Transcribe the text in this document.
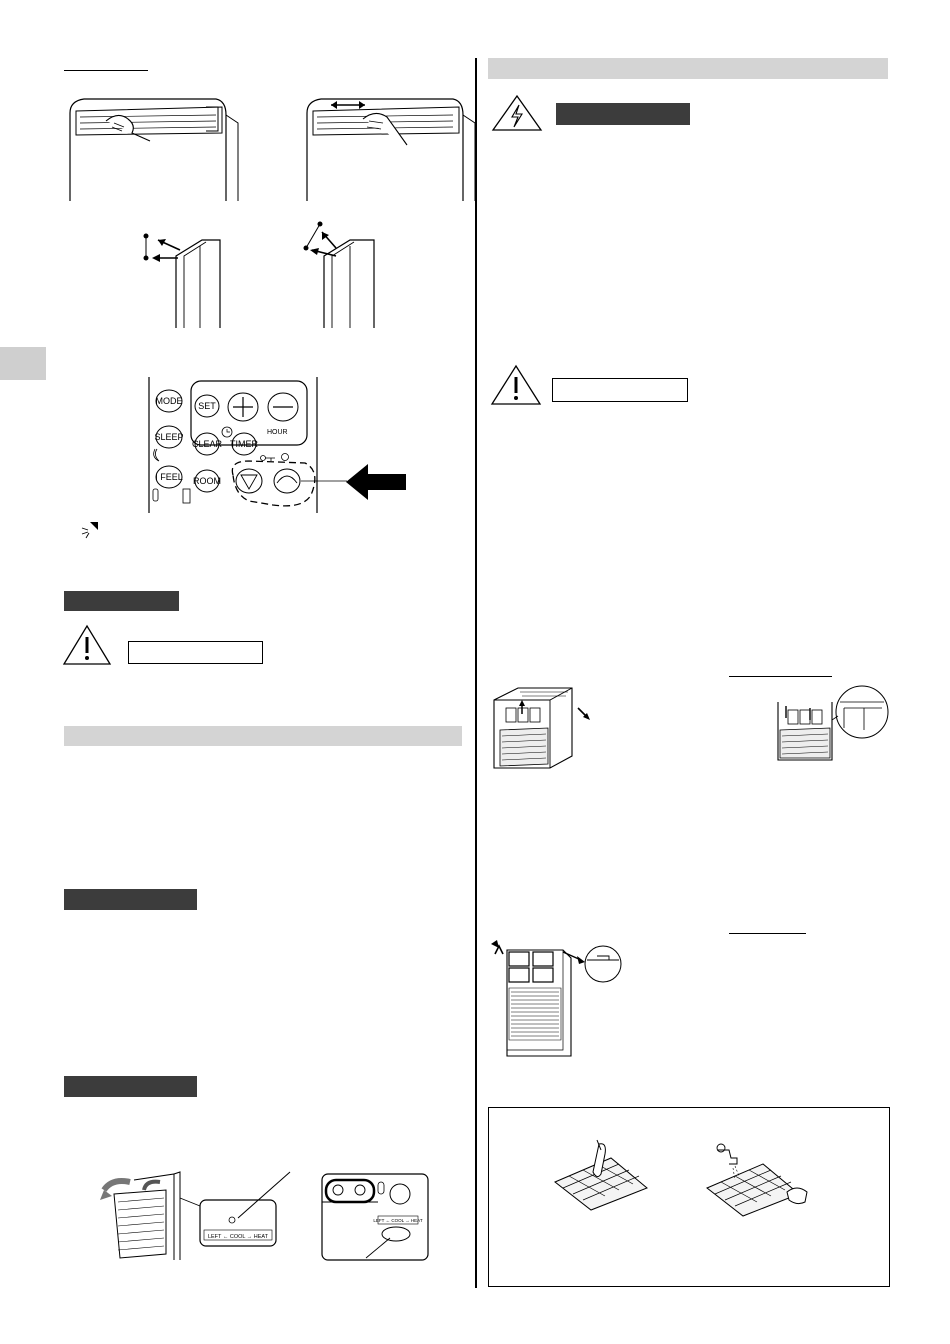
MODE
SLEEP
I FEEL
SET
HOUR
CLEAR TIMER
ROOM
LEFT ← COOL → HEAT
LEFT ← COOL → HEAT
